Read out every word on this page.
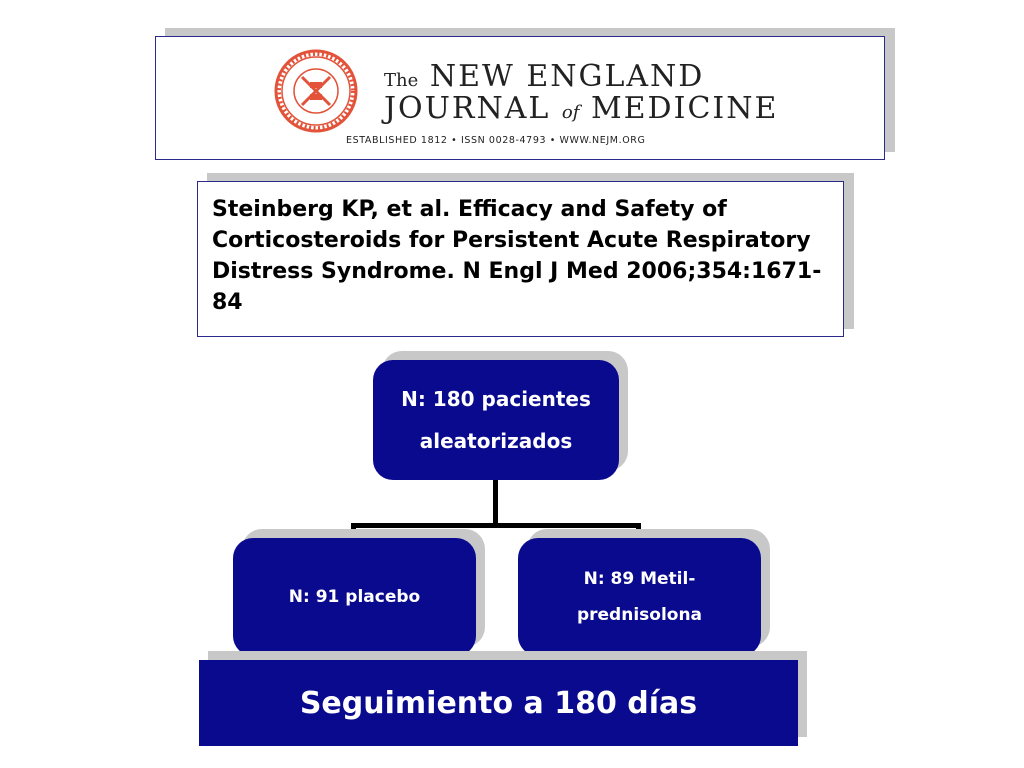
The NEW ENGLAND
JOURNAL of MEDICINE
ESTABLISHED 1812 • ISSN 0028-4793 • WWW.NEJM.ORG
Steinberg KP, et al. Efficacy and Safety of Corticosteroids for Persistent Acute Respiratory Distress Syndrome. N Engl J Med 2006;354:1671-84
N: 180 pacientes
aleatorizados
N: 91 placebo
N: 89 Metil-
prednisolona
Seguimiento a 180 días
